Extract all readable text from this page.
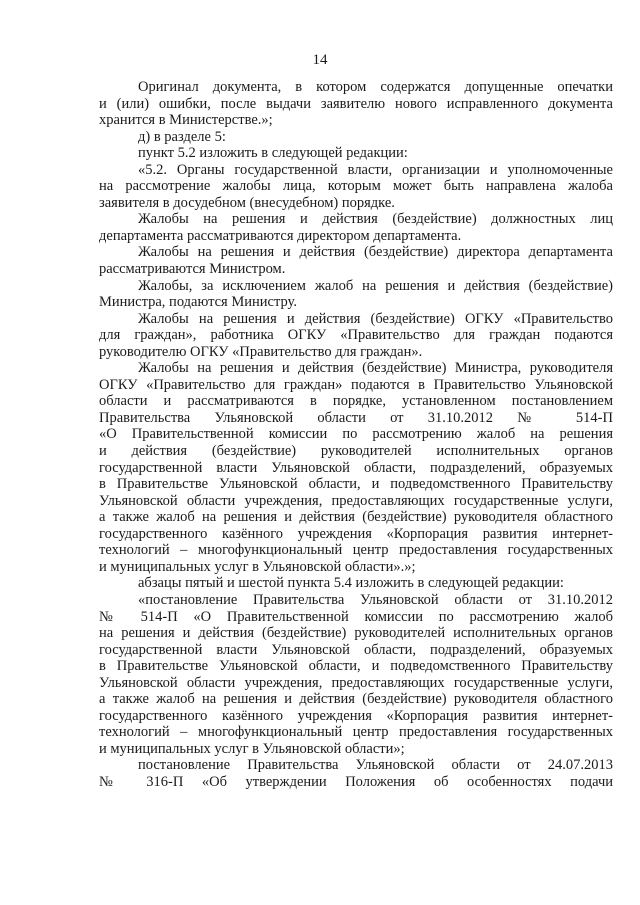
14
Оригинал документа, в котором содержатся допущенные опечатки
и (или) ошибки, после выдачи заявителю нового исправленного документа
хранится в Министерстве.»;
д) в разделе 5:
пункт 5.2 изложить в следующей редакции:
«5.2. Органы государственной власти, организации и уполномоченные
на рассмотрение жалобы лица, которым может быть направлена жалоба
заявителя в досудебном (внесудебном) порядке.
Жалобы на решения и действия (бездействие) должностных лиц
департамента рассматриваются директором департамента.
Жалобы на решения и действия (бездействие) директора департамента
рассматриваются Министром.
Жалобы, за исключением жалоб на решения и действия (бездействие)
Министра, подаются Министру.
Жалобы на решения и действия (бездействие) ОГКУ «Правительство
для граждан», работника ОГКУ «Правительство для граждан подаются
руководителю ОГКУ «Правительство для граждан».
Жалобы на решения и действия (бездействие) Министра, руководителя
ОГКУ «Правительство для граждан» подаются в Правительство Ульяновской
области и рассматриваются в порядке, установленном постановлением
Правительства Ульяновской области от 31.10.2012 № 514-П
«О Правительственной комиссии по рассмотрению жалоб на решения
и действия (бездействие) руководителей исполнительных органов
государственной власти Ульяновской области, подразделений, образуемых
в Правительстве Ульяновской области, и подведомственного Правительству
Ульяновской области учреждения, предоставляющих государственные услуги,
а также жалоб на решения и действия (бездействие) руководителя областного
государственного казённого учреждения «Корпорация развития интернет-
технологий – многофункциональный центр предоставления государственных
и муниципальных услуг в Ульяновской области».»;
абзацы пятый и шестой пункта 5.4 изложить в следующей редакции:
«постановление Правительства Ульяновской области от 31.10.2012
№ 514-П «О Правительственной комиссии по рассмотрению жалоб
на решения и действия (бездействие) руководителей исполнительных органов
государственной власти Ульяновской области, подразделений, образуемых
в Правительстве Ульяновской области, и подведомственного Правительству
Ульяновской области учреждения, предоставляющих государственные услуги,
а также жалоб на решения и действия (бездействие) руководителя областного
государственного казённого учреждения «Корпорация развития интернет-
технологий – многофункциональный центр предоставления государственных
и муниципальных услуг в Ульяновской области»;
постановление Правительства Ульяновской области от 24.07.2013
№ 316-П «Об утверждении Положения об особенностях подачи
